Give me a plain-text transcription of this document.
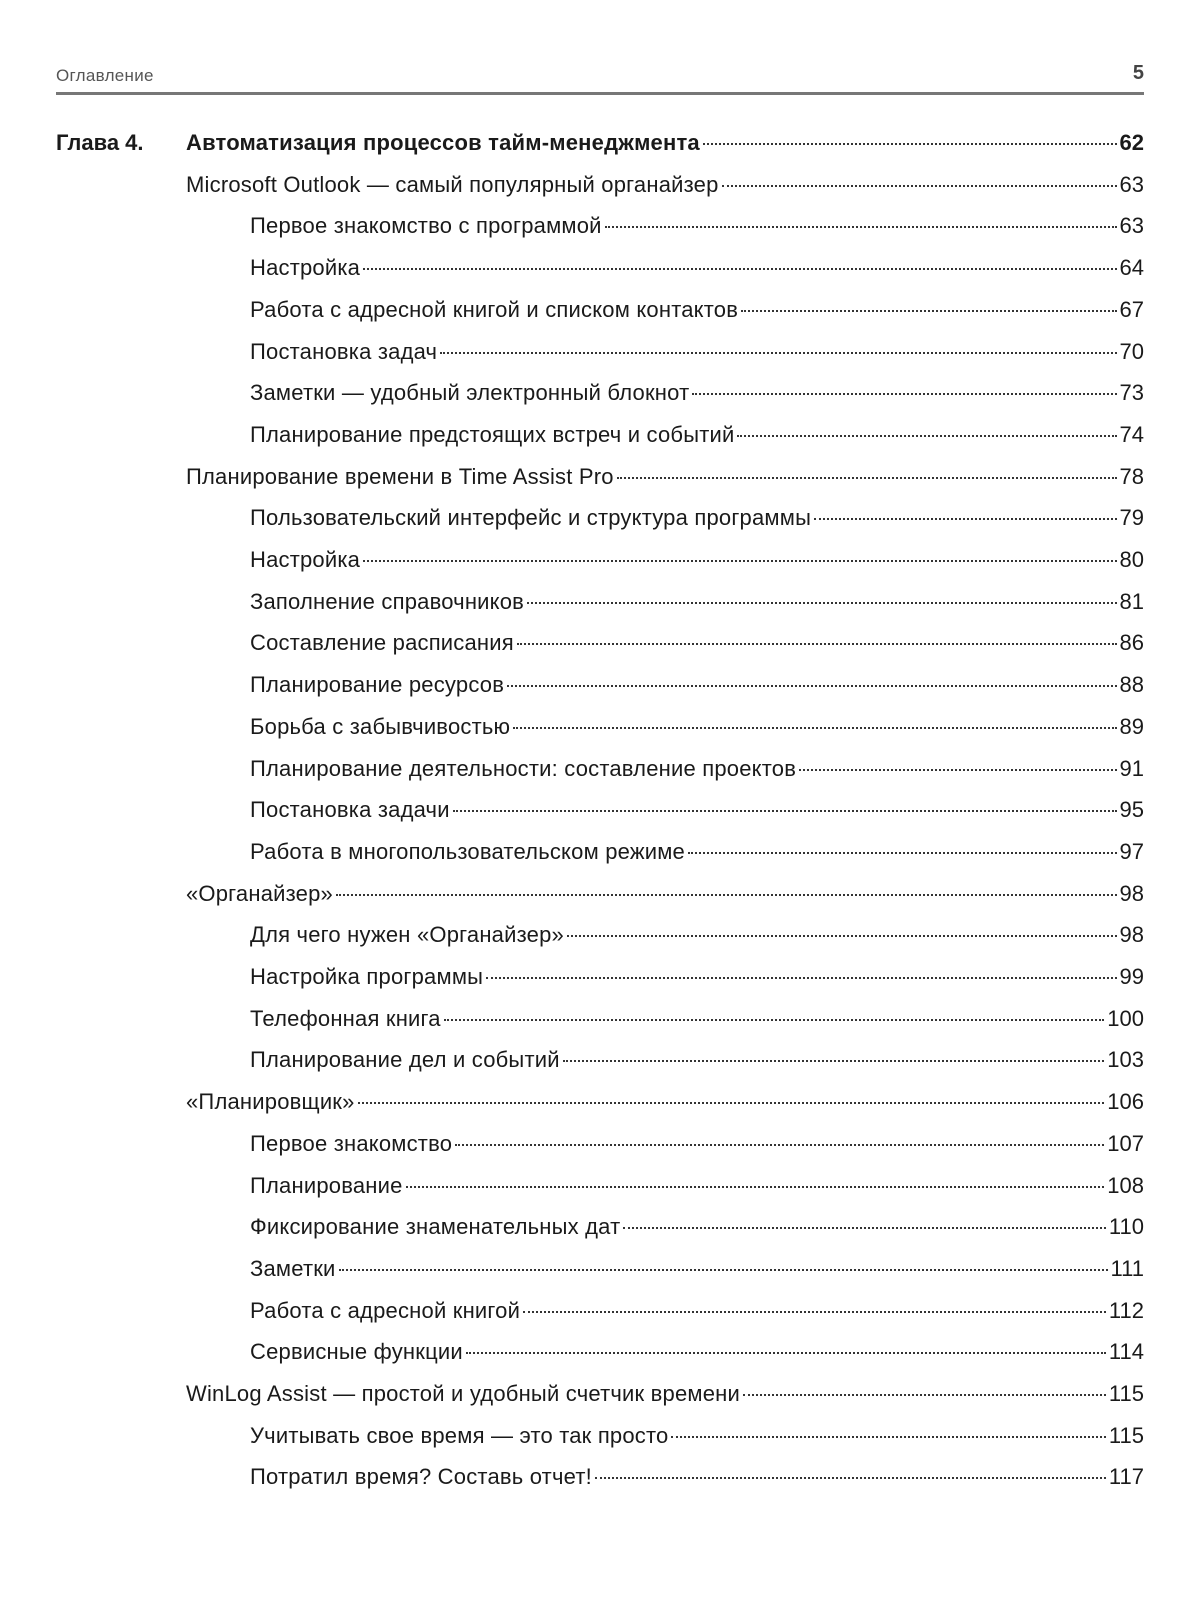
Оглавление	5
Глава 4.	Автоматизация процессов тайм-менеджмента	62
Microsoft Outlook — самый популярный органайзер	63
Первое знакомство с программой	63
Настройка	64
Работа с адресной книгой и списком контактов	67
Постановка задач	70
Заметки — удобный электронный блокнот	73
Планирование предстоящих встреч и событий	74
Планирование времени в Time Assist Pro	78
Пользовательский интерфейс и структура программы	79
Настройка	80
Заполнение справочников	81
Составление расписания	86
Планирование ресурсов	88
Борьба с забывчивостью	89
Планирование деятельности: составление проектов	91
Постановка задачи	95
Работа в многопользовательском режиме	97
«Органайзер»	98
Для чего нужен «Органайзер»	98
Настройка программы	99
Телефонная книга	100
Планирование дел и событий	103
«Планировщик»	106
Первое знакомство	107
Планирование	108
Фиксирование знаменательных дат	110
Заметки	111
Работа с адресной книгой	112
Сервисные функции	114
WinLog Assist — простой и удобный счетчик времени	115
Учитывать свое время — это так просто	115
Потратил время? Составь отчет!	117
